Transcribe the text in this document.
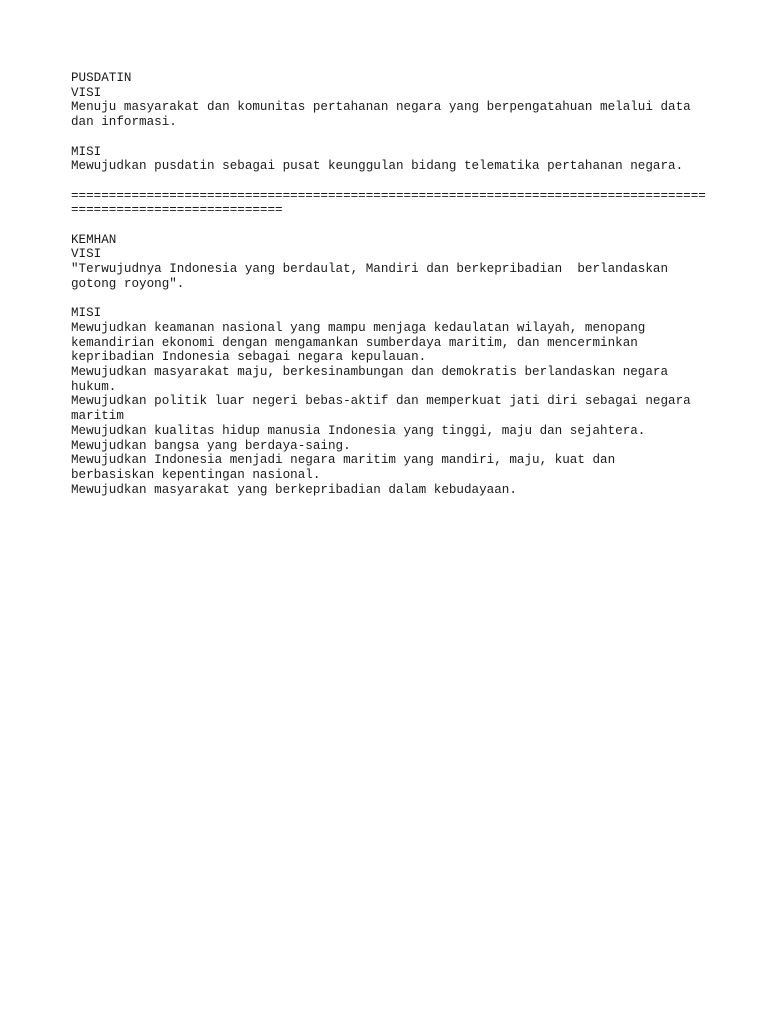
PUSDATIN

VISI

Menuju masyarakat dan komunitas pertahanan negara yang berpengatahuan melalui data

dan informasi.

MISI

Mewujudkan pusdatin sebagai pusat keunggulan bidang telematika pertahanan negara.

====================================================================================

============================

KEMHAN

VISI

"Terwujudnya Indonesia yang berdaulat, Mandiri dan berkepribadian  berlandaskan

gotong royong".

MISI

Mewujudkan keamanan nasional yang mampu menjaga kedaulatan wilayah, menopang

kemandirian ekonomi dengan mengamankan sumberdaya maritim, dan mencerminkan

kepribadian Indonesia sebagai negara kepulauan.

Mewujudkan masyarakat maju, berkesinambungan dan demokratis berlandaskan negara

hukum.

Mewujudkan politik luar negeri bebas-aktif dan memperkuat jati diri sebagai negara

maritim

Mewujudkan kualitas hidup manusia Indonesia yang tinggi, maju dan sejahtera.

Mewujudkan bangsa yang berdaya-saing.

Mewujudkan Indonesia menjadi negara maritim yang mandiri, maju, kuat dan

berbasiskan kepentingan nasional.

Mewujudkan masyarakat yang berkepribadian dalam kebudayaan.
